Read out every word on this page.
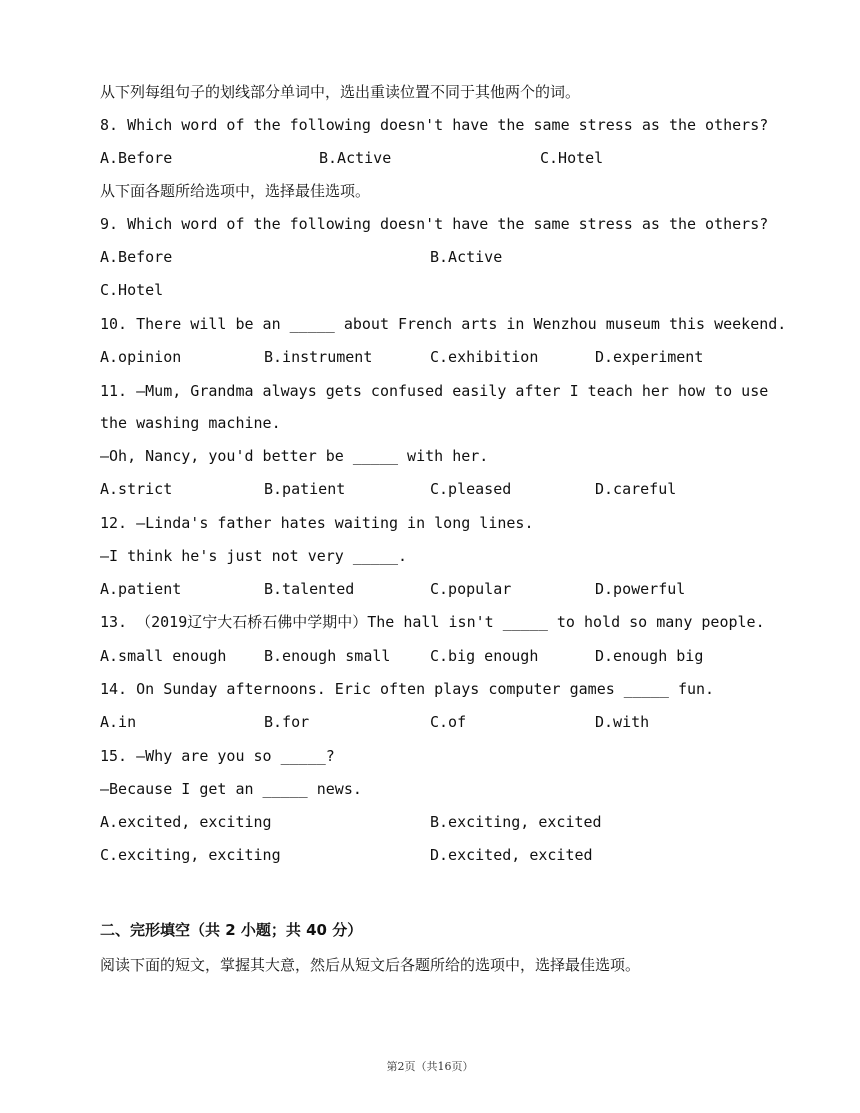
从下列每组句子的划线部分单词中，选出重读位置不同于其他两个的词。
8. Which word of the following doesn't have the same stress as the others?
A.Before	B.Active	C.Hotel
从下面各题所给选项中，选择最佳选项。
9. Which word of the following doesn't have the same stress as the others?
A.Before	B.Active
C.Hotel
10. There will be an _____ about French arts in Wenzhou museum this weekend.
A.opinion	B.instrument	C.exhibition	D.experiment
11. —Mum, Grandma always gets confused easily after I teach her how to use
the washing machine.
—Oh, Nancy, you'd better be _____ with her.
A.strict	B.patient	C.pleased	D.careful
12. —Linda's father hates waiting in long lines.
—I think he's just not very _____.
A.patient	B.talented	C.popular	D.powerful
13. （2019辽宁大石桥石佛中学期中）The hall isn't _____ to hold so many people.
A.small enough	B.enough small	C.big enough	D.enough big
14. On Sunday afternoons. Eric often plays computer games _____ fun.
A.in	B.for	C.of	D.with
15. —Why are you so _____?
—Because I get an _____ news.
A.excited, exciting	B.exciting, excited
C.exciting, exciting	D.excited, excited
二、完形填空（共 2 小题；共 40 分）
阅读下面的短文，掌握其大意，然后从短文后各题所给的选项中，选择最佳选项。
第2页（共16页）
